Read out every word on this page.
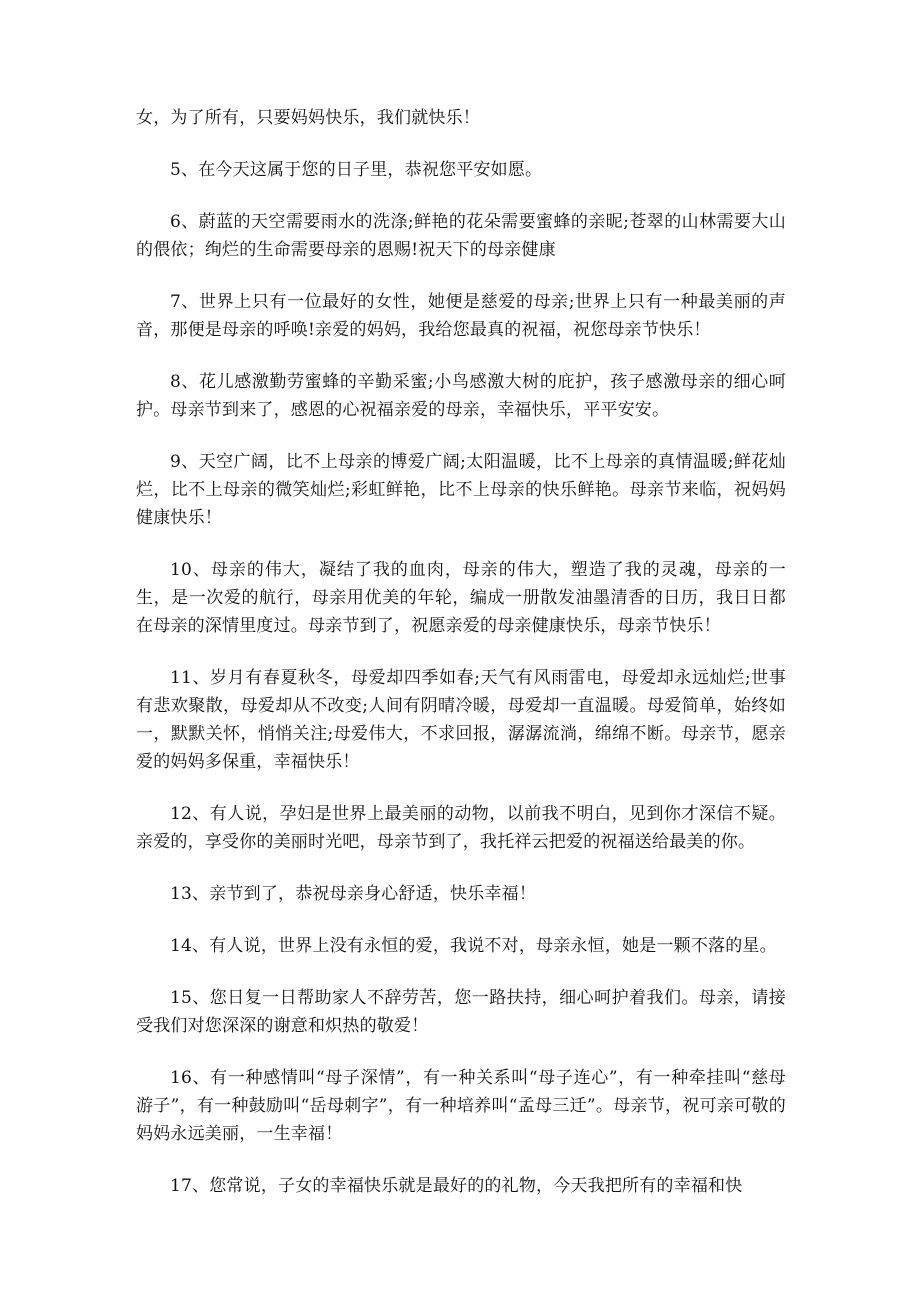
女，为了所有，只要妈妈快乐，我们就快乐！

5、在今天这属于您的日子里，恭祝您平安如愿。

6、蔚蓝的天空需要雨水的洗涤;鲜艳的花朵需要蜜蜂的亲昵;苍翠的山林需要大山的偎依；绚烂的生命需要母亲的恩赐!祝天下的母亲健康

7、世界上只有一位最好的女性，她便是慈爱的母亲;世界上只有一种最美丽的声音，那便是母亲的呼唤!亲爱的妈妈，我给您最真的祝福，祝您母亲节快乐！

8、花儿感激勤劳蜜蜂的辛勤采蜜;小鸟感激大树的庇护，孩子感激母亲的细心呵护。母亲节到来了，感恩的心祝福亲爱的母亲，幸福快乐，平平安安。

9、天空广阔，比不上母亲的博爱广阔;太阳温暖，比不上母亲的真情温暖;鲜花灿烂，比不上母亲的微笑灿烂;彩虹鲜艳，比不上母亲的快乐鲜艳。母亲节来临，祝妈妈健康快乐！

10、母亲的伟大，凝结了我的血肉，母亲的伟大，塑造了我的灵魂，母亲的一生，是一次爱的航行，母亲用优美的年轮，编成一册散发油墨清香的日历，我日日都在母亲的深情里度过。母亲节到了，祝愿亲爱的母亲健康快乐，母亲节快乐！

11、岁月有春夏秋冬，母爱却四季如春;天气有风雨雷电，母爱却永远灿烂;世事有悲欢聚散，母爱却从不改变;人间有阴晴冷暖，母爱却一直温暖。母爱简单，始终如一，默默关怀，悄悄关注;母爱伟大，不求回报，潺潺流淌，绵绵不断。母亲节，愿亲爱的妈妈多保重，幸福快乐！

12、有人说，孕妇是世界上最美丽的动物，以前我不明白，见到你才深信不疑。亲爱的，享受你的美丽时光吧，母亲节到了，我托祥云把爱的祝福送给最美的你。

13、亲节到了，恭祝母亲身心舒适，快乐幸福！

14、有人说，世界上没有永恒的爱，我说不对，母亲永恒，她是一颗不落的星。

15、您日复一日帮助家人不辞劳苦，您一路扶持，细心呵护着我们。母亲，请接受我们对您深深的谢意和炽热的敬爱！

16、有一种感情叫“母子深情”，有一种关系叫“母子连心”，有一种牵挂叫“慈母游子”，有一种鼓励叫“岳母刺字”，有一种培养叫“孟母三迁”。母亲节，祝可亲可敬的妈妈永远美丽，一生幸福！

17、您常说，子女的幸福快乐就是最好的的礼物，今天我把所有的幸福和快
